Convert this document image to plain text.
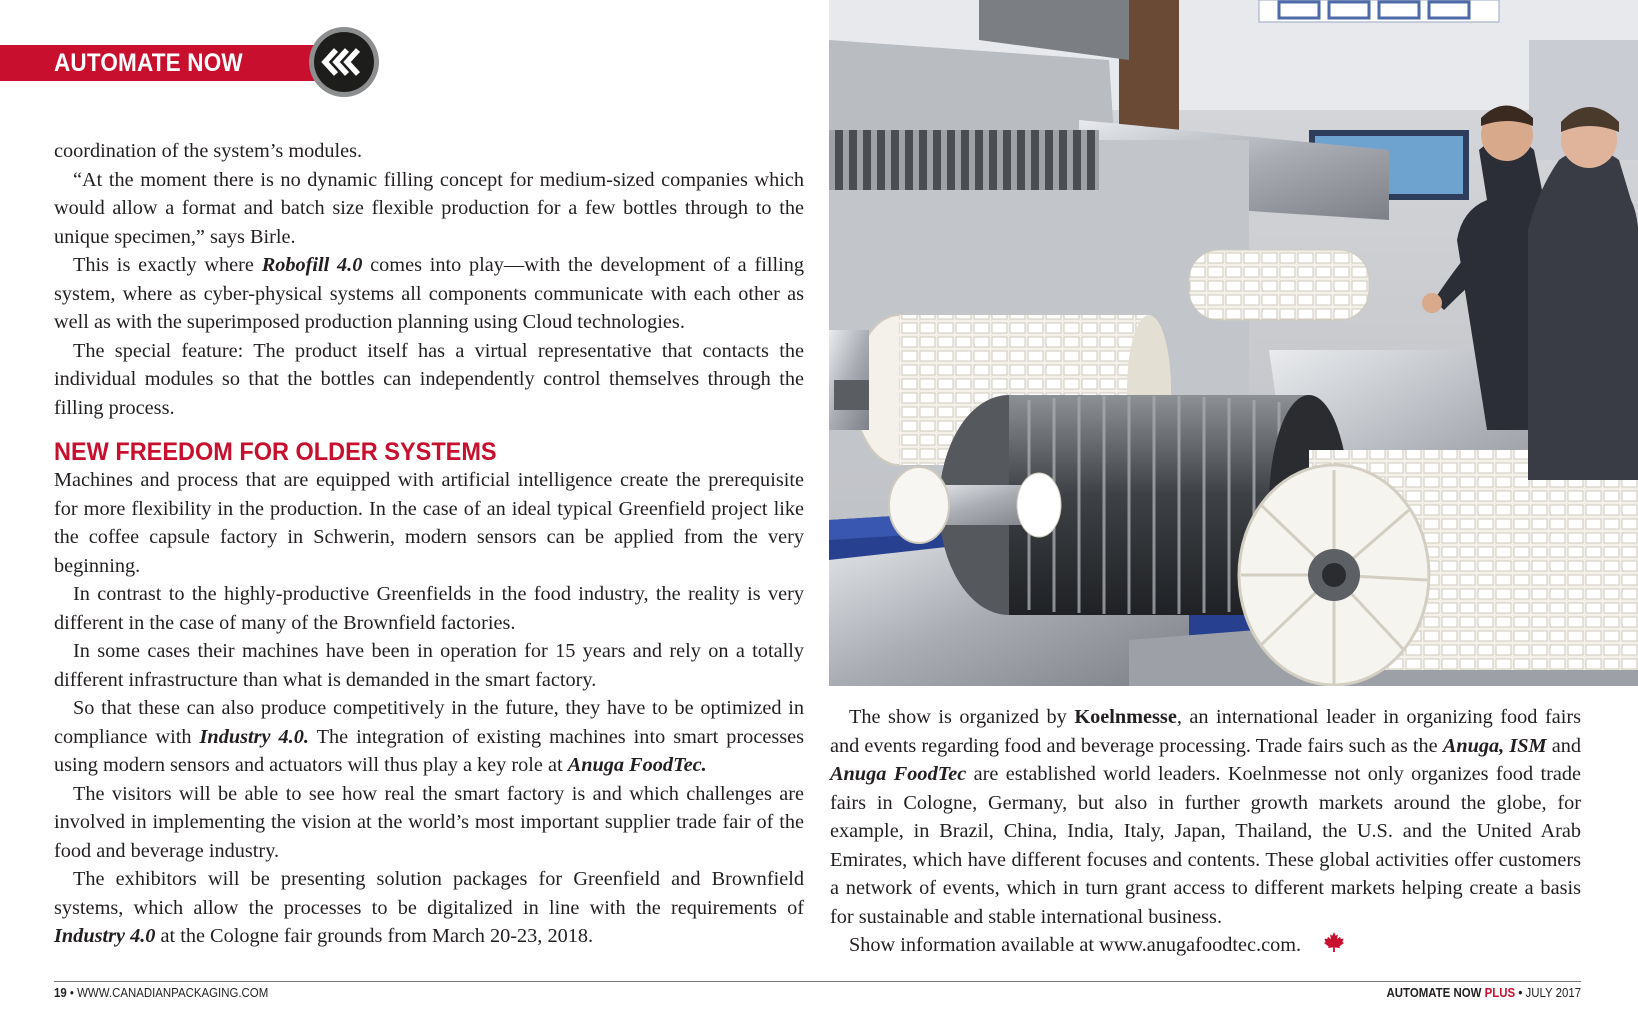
AUTOMATE NOW

coordination of the system’s modules.

“At the moment there is no dynamic filling concept for medium-sized companies which would allow a format and batch size flexible production for a few bottles through to the unique specimen,” says Birle.

This is exactly where Robofill 4.0 comes into play—with the development of a filling system, where as cyber-physical systems all components communicate with each other as well as with the superimposed production planning using Cloud technologies.

The special feature: The product itself has a virtual representative that contacts the individual modules so that the bottles can independently control themselves through the filling process.

NEW FREEDOM FOR OLDER SYSTEMS

Machines and process that are equipped with artificial intelligence create the prerequisite for more flexibility in the production. In the case of an ideal typical Greenfield project like the coffee capsule factory in Schwerin, modern sensors can be applied from the very beginning.

In contrast to the highly-productive Greenfields in the food industry, the reality is very different in the case of many of the Brownfield factories.

In some cases their machines have been in operation for 15 years and rely on a totally different infrastructure than what is demanded in the smart factory.

So that these can also produce competitively in the future, they have to be optimized in compliance with Industry 4.0. The integration of existing machines into smart processes using modern sensors and actuators will thus play a key role at Anuga FoodTec.

The visitors will be able to see how real the smart factory is and which challenges are involved in implementing the vision at the world’s most important supplier trade fair of the food and beverage industry.

The exhibitors will be presenting solution packages for Greenfield and Brownfield systems, which allow the processes to be digitalized in line with the requirements of Industry 4.0 at the Cologne fair grounds from March 20-23, 2018.

The show is organized by Koelnmesse, an international leader in organizing food fairs and events regarding food and beverage processing. Trade fairs such as the Anuga, ISM and Anuga FoodTec are established world leaders. Koelnmesse not only organizes food trade fairs in Cologne, Germany, but also in further growth markets around the globe, for example, in Brazil, China, India, Italy, Japan, Thailand, the U.S. and the United Arab Emirates, which have different focuses and contents. These global activities offer customers a network of events, which in turn grant access to different markets helping create a basis for sustainable and stable international business.

Show information available at www.anugafoodtec.com.

19 • WWW.CANADIANPACKAGING.COM	AUTOMATE NOW PLUS • JULY 2017
